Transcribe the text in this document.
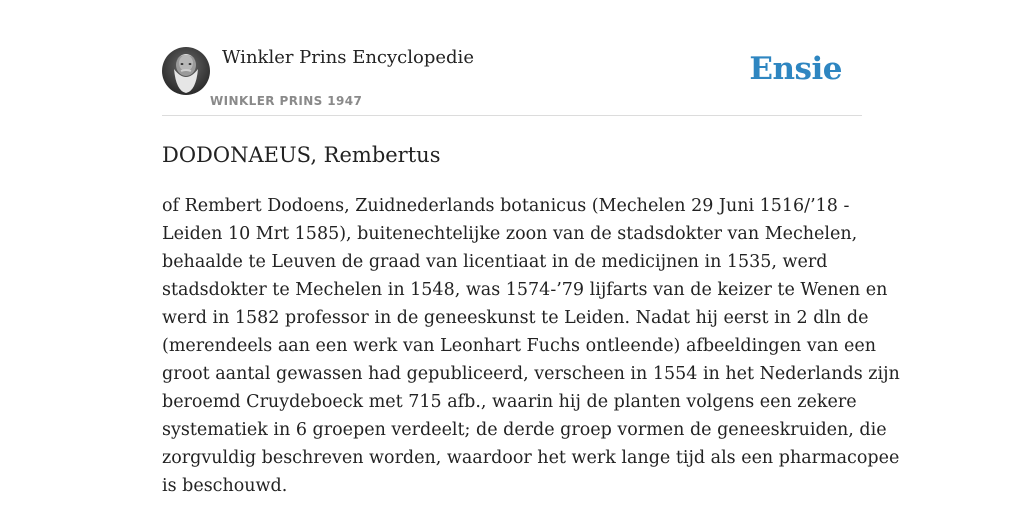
Winkler Prins Encyclopedie
WINKLER PRINS 1947
Ensie
DODONAEUS, Rembertus

of Rembert Dodoens, Zuidnederlands botanicus (Mechelen 29 Juni 1516/’18 -
Leiden 10 Mrt 1585), buitenechtelijke zoon van de stadsdokter van Mechelen,
behaalde te Leuven de graad van licentiaat in de medicijnen in 1535, werd
stadsdokter te Mechelen in 1548, was 1574-’79 lijfarts van de keizer te Wenen en
werd in 1582 professor in de geneeskunst te Leiden. Nadat hij eerst in 2 dln de
(merendeels aan een werk van Leonhart Fuchs ontleende) afbeeldingen van een
groot aantal gewassen had gepubliceerd, verscheen in 1554 in het Nederlands zijn
beroemd Cruydeboeck met 715 afb., waarin hij de planten volgens een zekere
systematiek in 6 groepen verdeelt; de derde groep vormen de geneeskruiden, die
zorgvuldig beschreven worden, waardoor het werk lange tijd als een pharmacopee
is beschouwd.
